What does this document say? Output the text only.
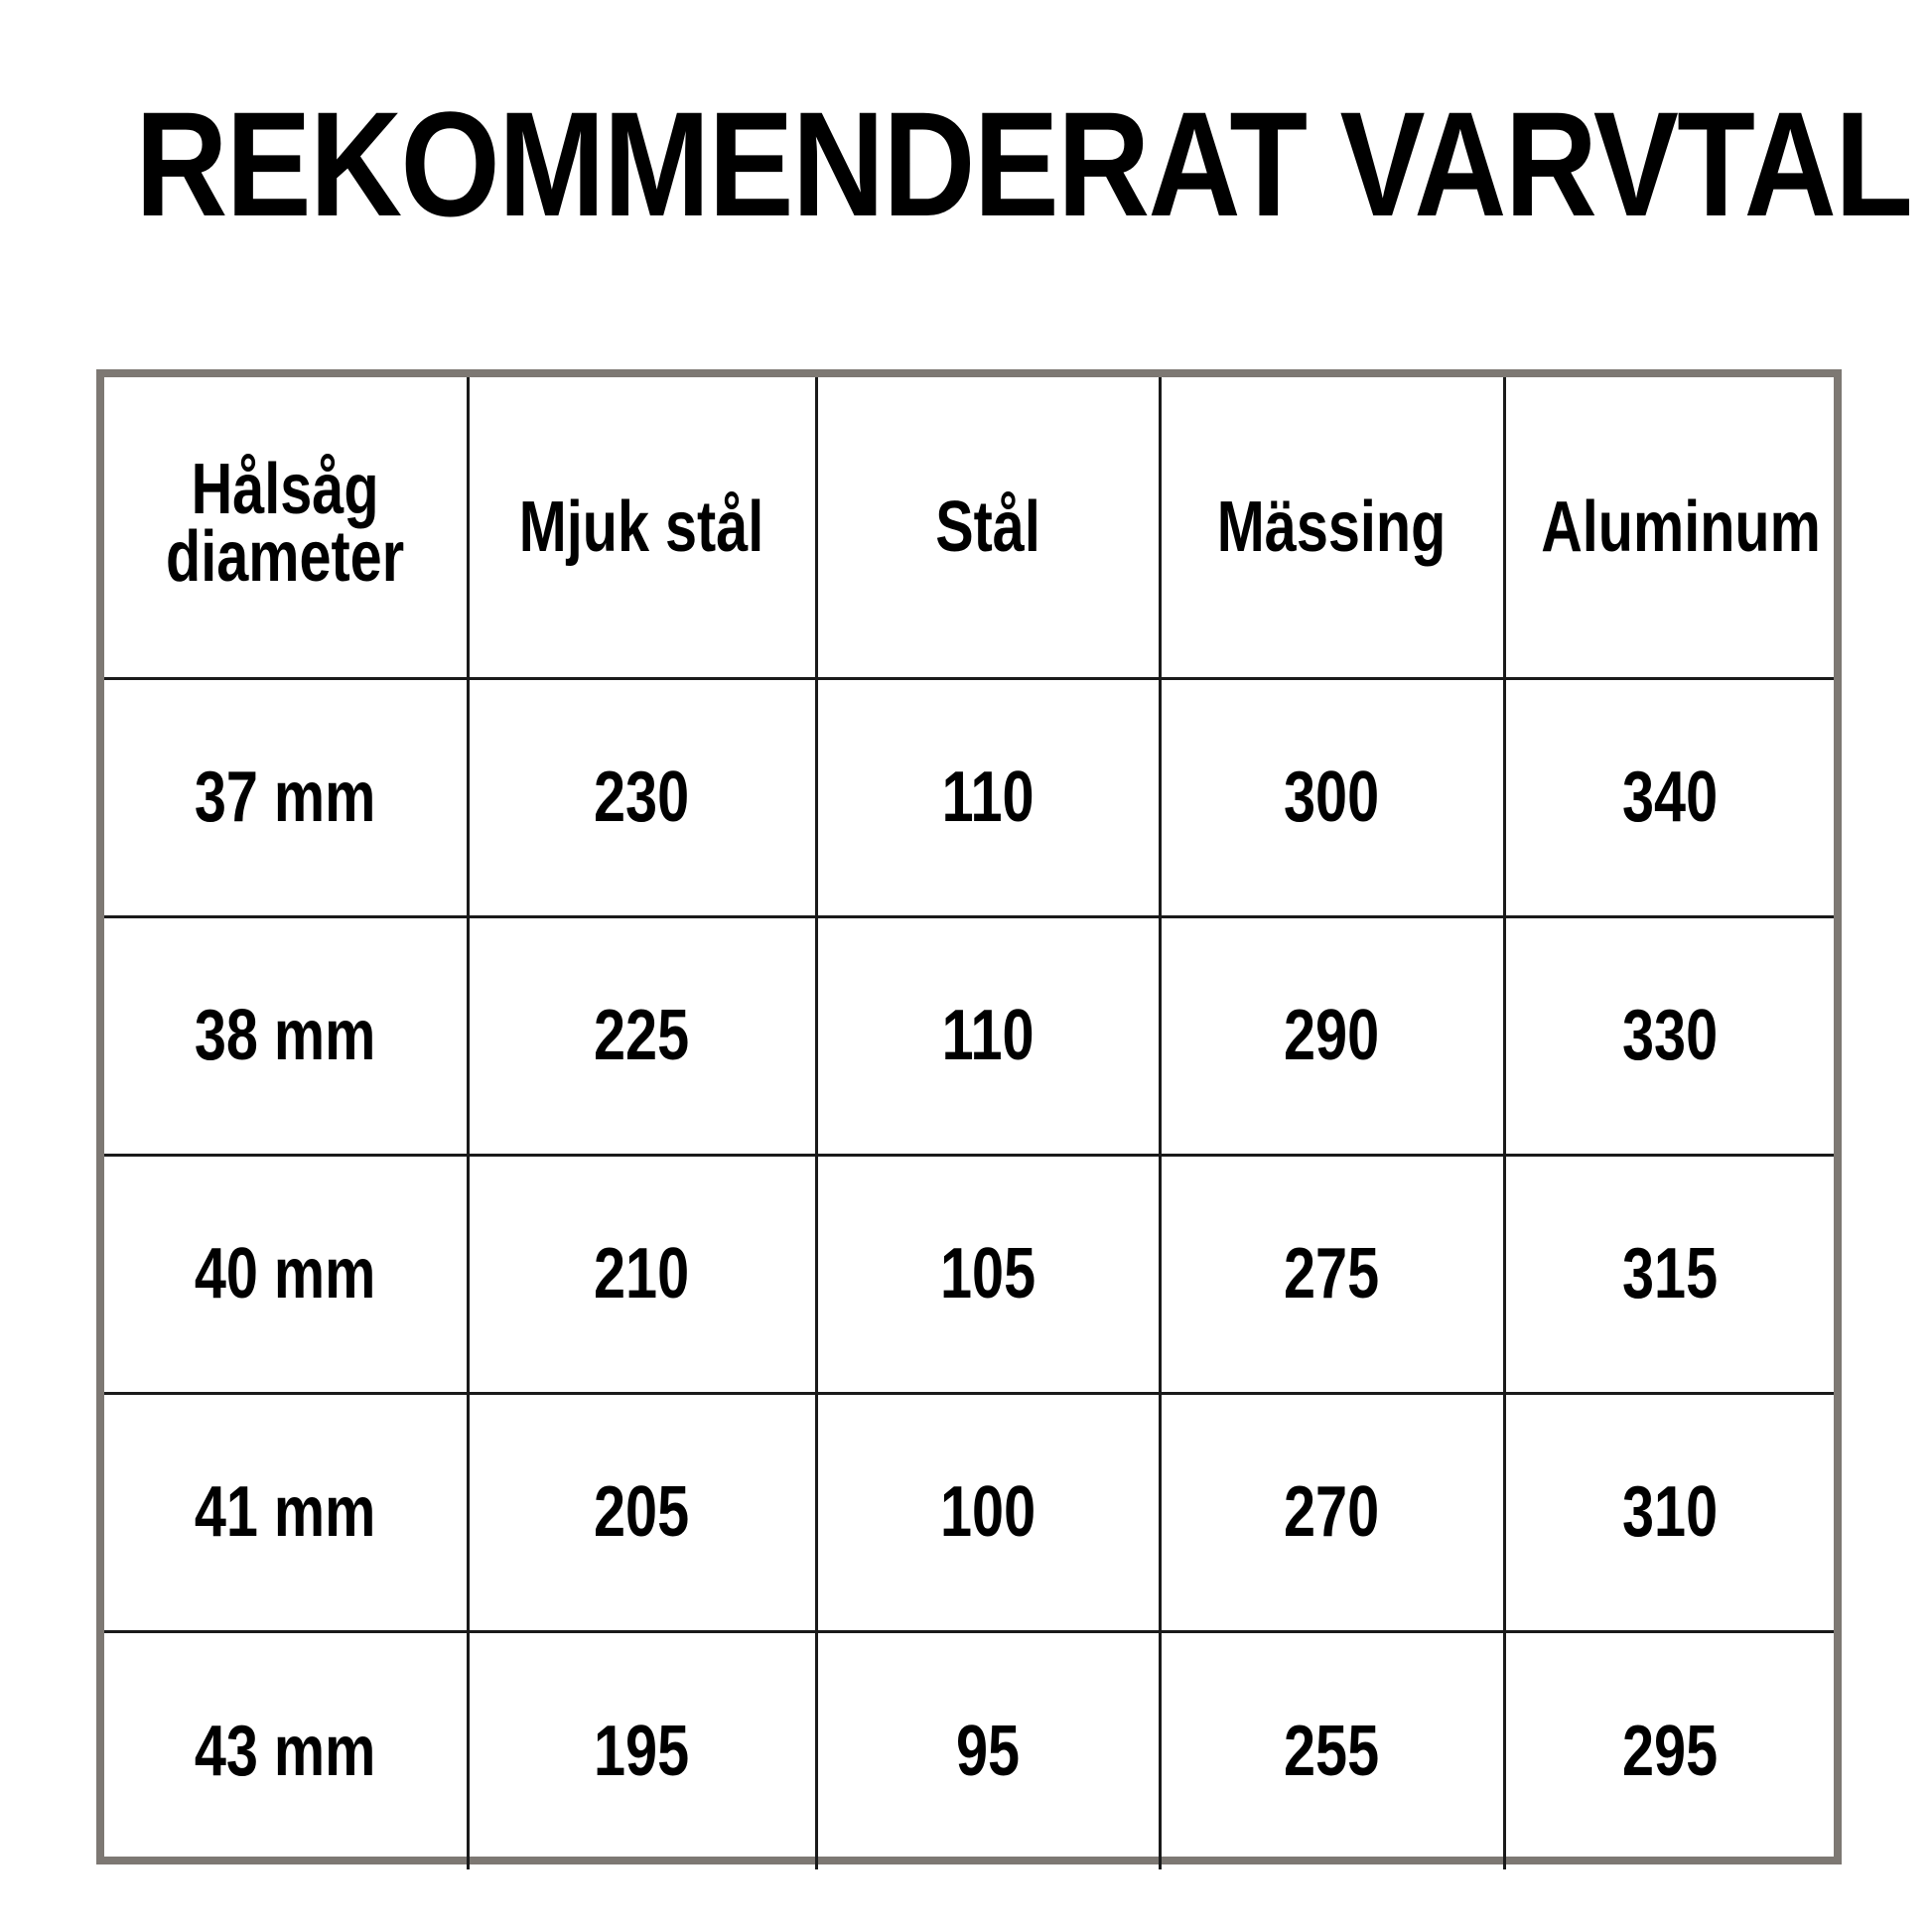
REKOMMENDERAT VARVTAL
Hålsåg
diameter	Mjuk stål	Stål	Mässing	Aluminum
37 mm	230	110	300	340
38 mm	225	110	290	330
40 mm	210	105	275	315
41 mm	205	100	270	310
43 mm	195	95	255	295
